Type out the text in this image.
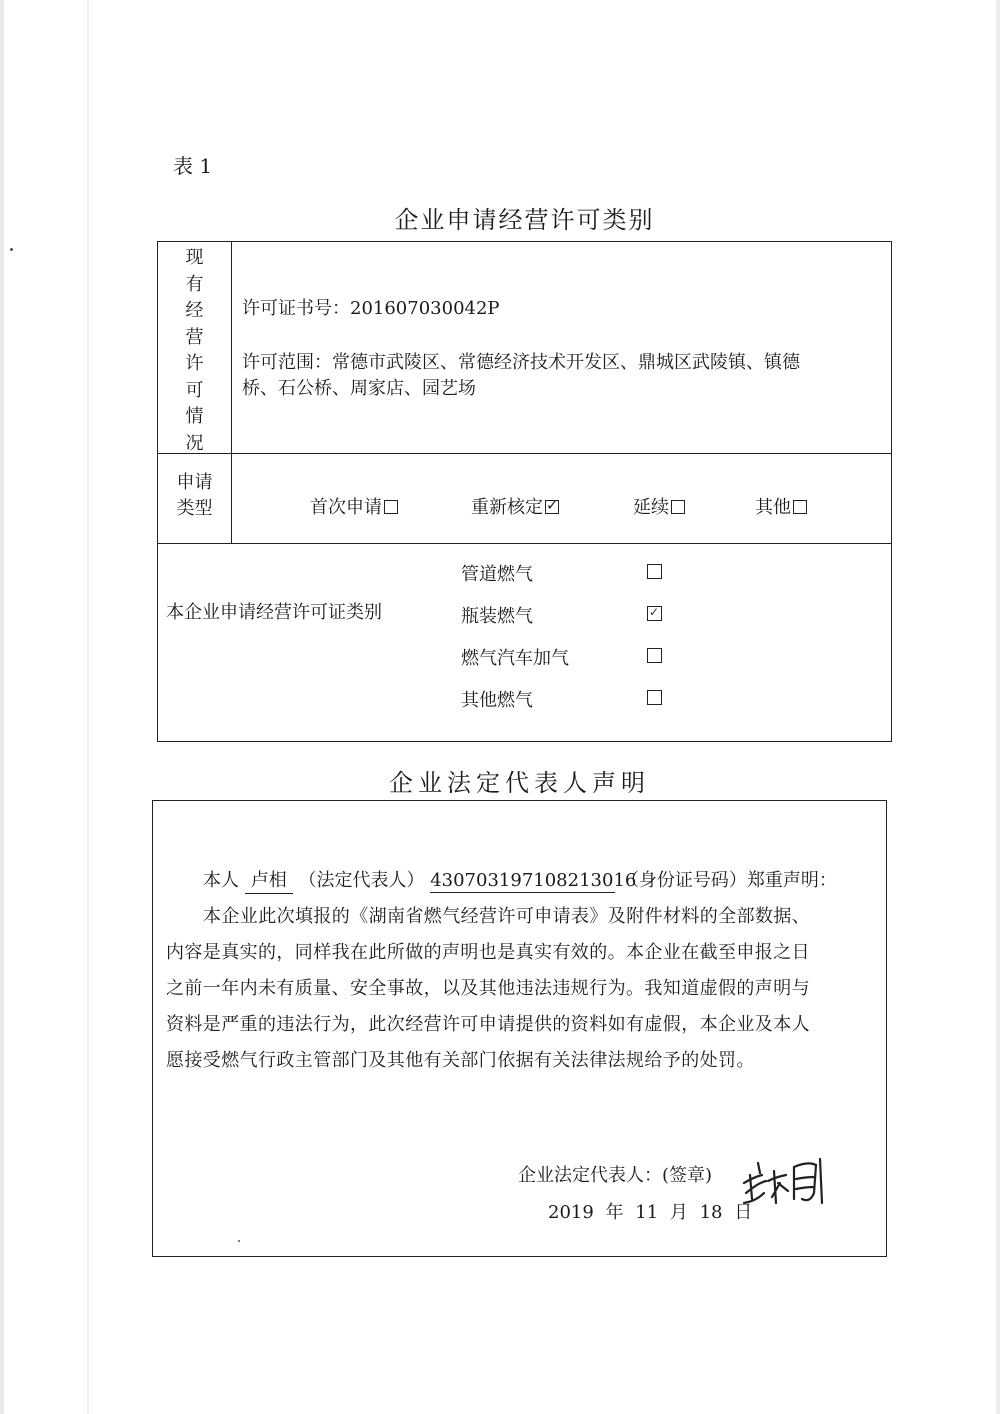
表 1
企业申请经营许可类别
现
有
经
营
许
可
情
况
许可证书号：201607030042P
许可范围：常德市武陵区、常德经济技术开发区、鼎城区武陵镇、镇德
桥、石公桥、周家店、园艺场
申请
类型	首次申请	重新核定✓	延续	其他
本企业申请经营许可证类别
管道燃气
瓶装燃气
✓
燃气汽车加气
其他燃气
企业法定代表人声明
本人 卢相 （法定代表人） 430703197108213016 （身份证号码）郑重声明：
本企业此次填报的《湖南省燃气经营许可申请表》及附件材料的全部数据、
内容是真实的，同样我在此所做的声明也是真实有效的。本企业在截至申报之日
之前一年内未有质量、安全事故，以及其他违法违规行为。我知道虚假的声明与
资料是严重的违法行为，此次经营许可申请提供的资料如有虚假，本企业及本人
愿接受燃气行政主管部门及其他有关部门依据有关法律法规给予的处罚。
企业法定代表人：(签章)
2019 年 11 月 18 日
